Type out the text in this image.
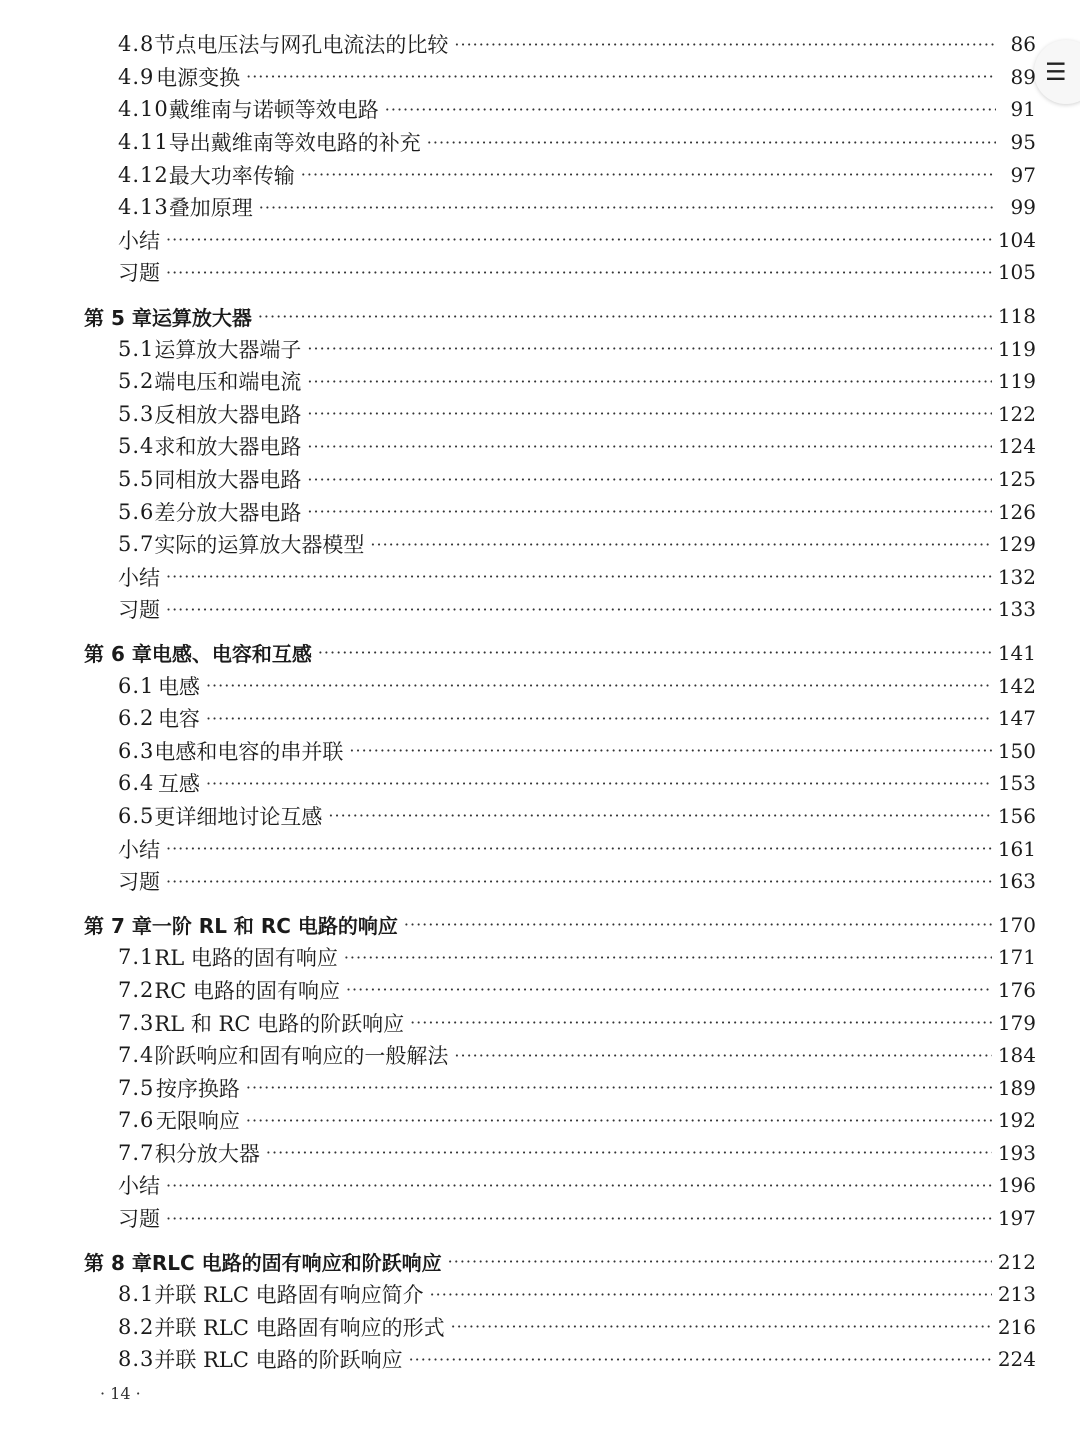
☰
4.8 节点电压法与网孔电流法的比较 ·····	86
4.9 电源变换 ·····	89
4.10 戴维南与诺顿等效电路 ·····	91
4.11 导出戴维南等效电路的补充 ·····	95
4.12 最大功率传输 ·····	97
4.13 叠加原理 ·····	99
小结 ·····	104
习题 ·····	105
第 5 章 运算放大器 ·····	118
5.1 运算放大器端子 ·····	119
5.2 端电压和端电流 ·····	119
5.3 反相放大器电路 ·····	122
5.4 求和放大器电路 ·····	124
5.5 同相放大器电路 ·····	125
5.6 差分放大器电路 ·····	126
5.7 实际的运算放大器模型 ·····	129
小结 ·····	132
习题 ·····	133
第 6 章 电感、电容和互感 ·····	141
6.1 电感 ·····	142
6.2 电容 ·····	147
6.3 电感和电容的串并联 ·····	150
6.4 互感 ·····	153
6.5 更详细地讨论互感 ·····	156
小结 ·····	161
习题 ·····	163
第 7 章 一阶 RL 和 RC 电路的响应 ·····	170
7.1 RL 电路的固有响应 ·····	171
7.2 RC 电路的固有响应 ·····	176
7.3 RL 和 RC 电路的阶跃响应 ·····	179
7.4 阶跃响应和固有响应的一般解法 ·····	184
7.5 按序换路 ·····	189
7.6 无限响应 ·····	192
7.7 积分放大器 ·····	193
小结 ·····	196
习题 ·····	197
第 8 章 RLC 电路的固有响应和阶跃响应 ·····	212
8.1 并联 RLC 电路固有响应简介 ·····	213
8.2 并联 RLC 电路固有响应的形式 ·····	216
8.3 并联 RLC 电路的阶跃响应 ·····	224
· 14 ·
